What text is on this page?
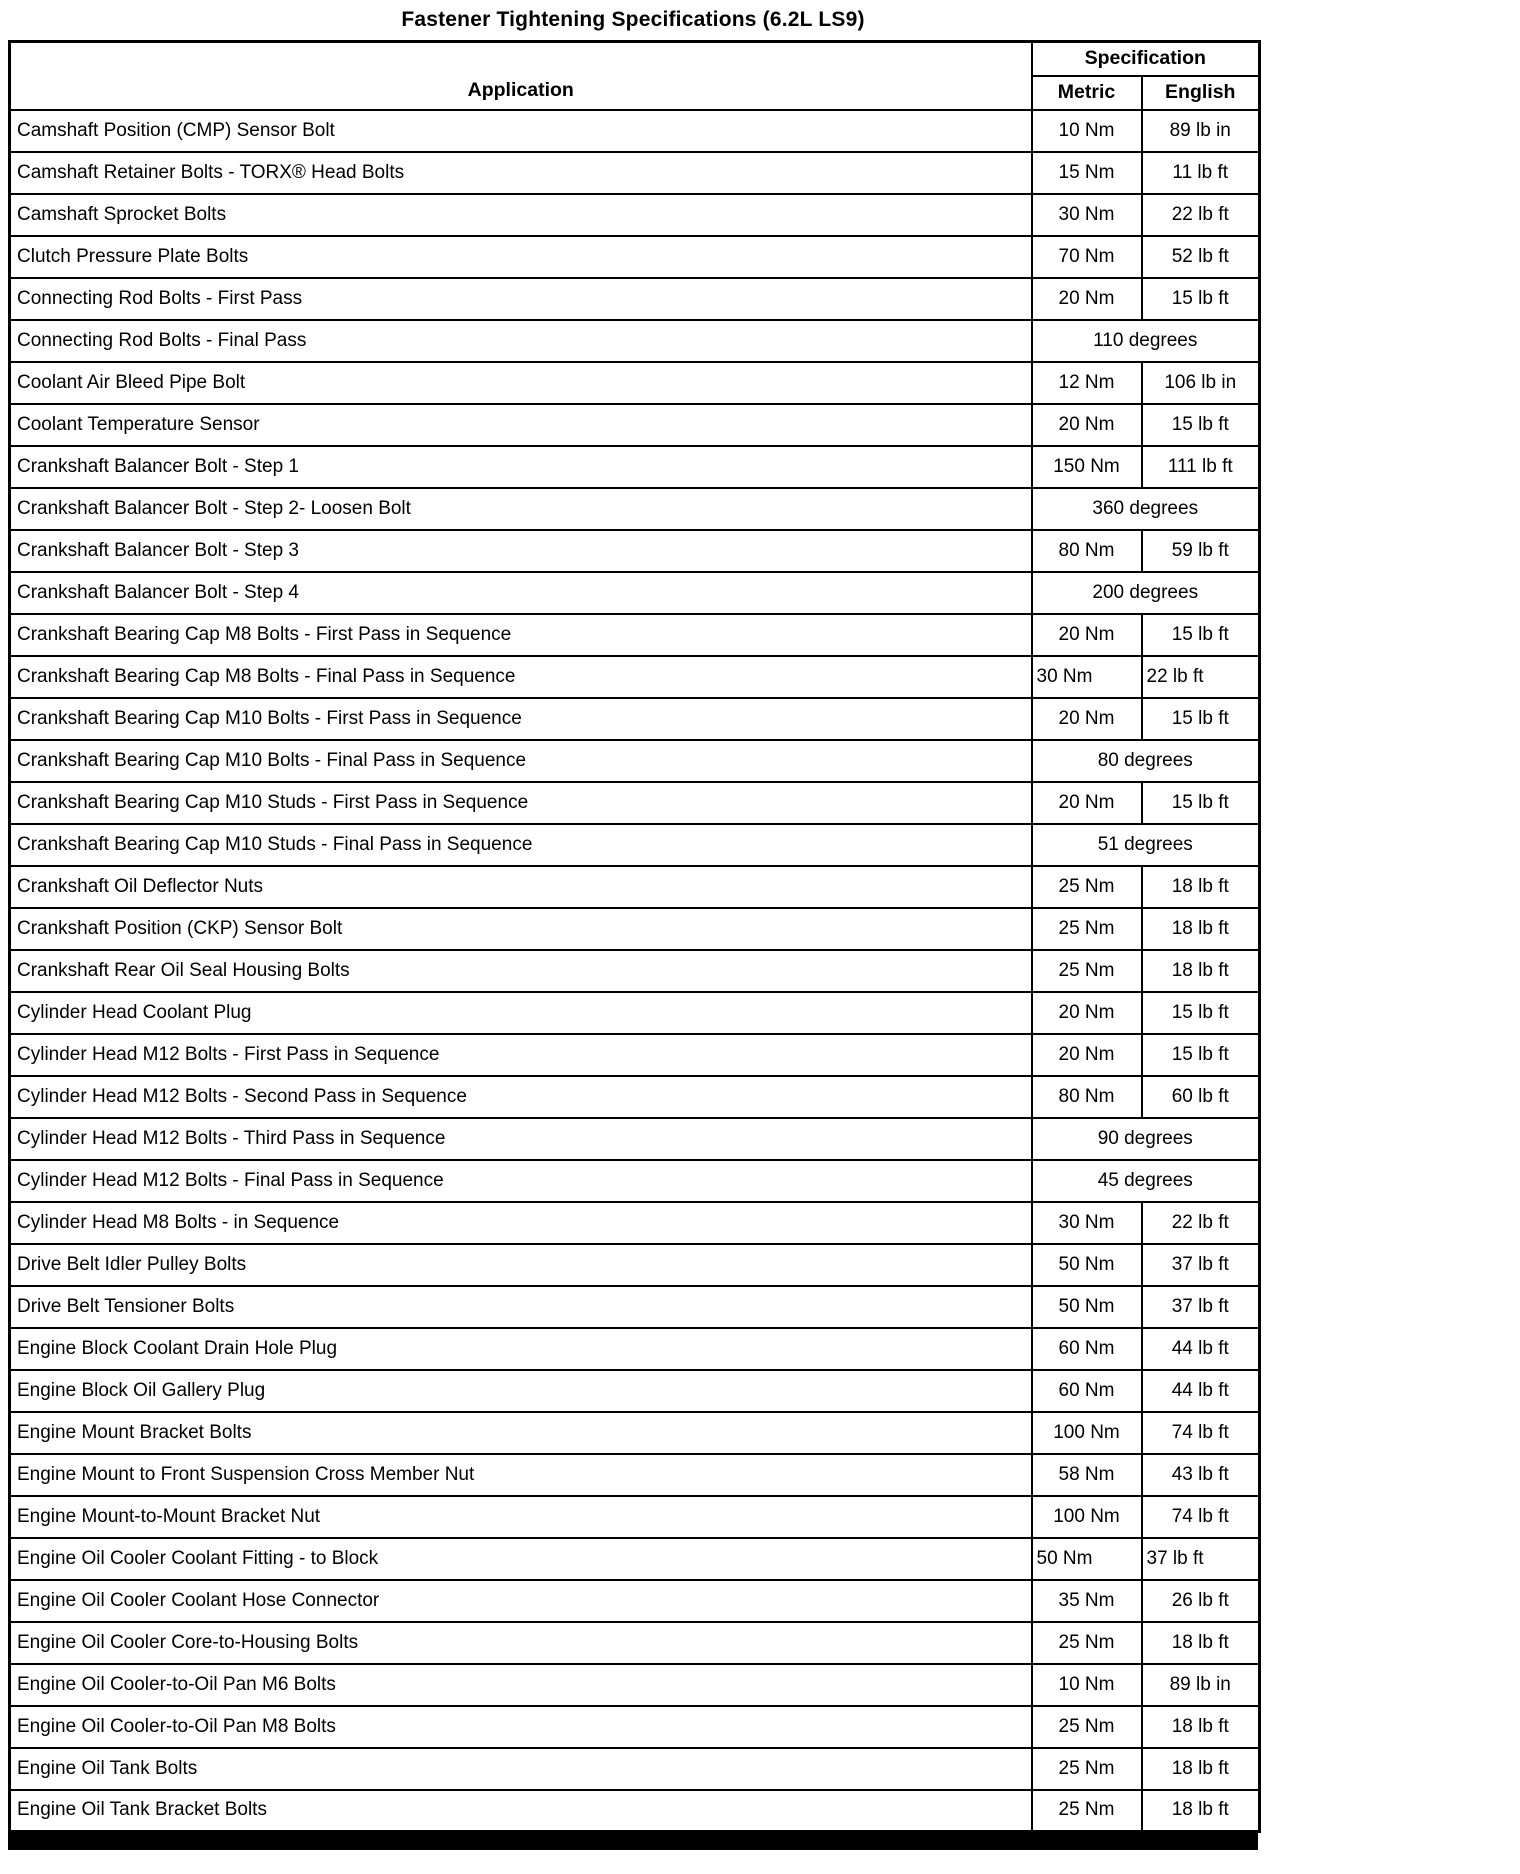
Fastener Tightening Specifications (6.2L LS9)
Application	Specification	
	Metric	English
Camshaft Position (CMP) Sensor Bolt	10 Nm	89 lb in
Camshaft Retainer Bolts - TORX® Head Bolts	15 Nm	11 lb ft
Camshaft Sprocket Bolts	30 Nm	22 lb ft
Clutch Pressure Plate Bolts	70 Nm	52 lb ft
Connecting Rod Bolts - First Pass	20 Nm	15 lb ft
Connecting Rod Bolts - Final Pass	110 degrees	
Coolant Air Bleed Pipe Bolt	12 Nm	106 lb in
Coolant Temperature Sensor	20 Nm	15 lb ft
Crankshaft Balancer Bolt - Step 1	150 Nm	111 lb ft
Crankshaft Balancer Bolt - Step 2- Loosen Bolt	360 degrees	
Crankshaft Balancer Bolt - Step 3	80 Nm	59 lb ft
Crankshaft Balancer Bolt - Step 4	200 degrees	
Crankshaft Bearing Cap M8 Bolts - First Pass in Sequence	20 Nm	15 lb ft
Crankshaft Bearing Cap M8 Bolts - Final Pass in Sequence	30 Nm	22 lb ft
Crankshaft Bearing Cap M10 Bolts - First Pass in Sequence	20 Nm	15 lb ft
Crankshaft Bearing Cap M10 Bolts - Final Pass in Sequence	80 degrees	
Crankshaft Bearing Cap M10 Studs - First Pass in Sequence	20 Nm	15 lb ft
Crankshaft Bearing Cap M10 Studs - Final Pass in Sequence	51 degrees	
Crankshaft Oil Deflector Nuts	25 Nm	18 lb ft
Crankshaft Position (CKP) Sensor Bolt	25 Nm	18 lb ft
Crankshaft Rear Oil Seal Housing Bolts	25 Nm	18 lb ft
Cylinder Head Coolant Plug	20 Nm	15 lb ft
Cylinder Head M12 Bolts - First Pass in Sequence	20 Nm	15 lb ft
Cylinder Head M12 Bolts - Second Pass in Sequence	80 Nm	60 lb ft
Cylinder Head M12 Bolts - Third Pass in Sequence	90 degrees	
Cylinder Head M12 Bolts - Final Pass in Sequence	45 degrees	
Cylinder Head M8 Bolts - in Sequence	30 Nm	22 lb ft
Drive Belt Idler Pulley Bolts	50 Nm	37 lb ft
Drive Belt Tensioner Bolts	50 Nm	37 lb ft
Engine Block Coolant Drain Hole Plug	60 Nm	44 lb ft
Engine Block Oil Gallery Plug	60 Nm	44 lb ft
Engine Mount Bracket Bolts	100 Nm	74 lb ft
Engine Mount to Front Suspension Cross Member Nut	58 Nm	43 lb ft
Engine Mount-to-Mount Bracket Nut	100 Nm	74 lb ft
Engine Oil Cooler Coolant Fitting - to Block	50 Nm	37 lb ft
Engine Oil Cooler Coolant Hose Connector	35 Nm	26 lb ft
Engine Oil Cooler Core-to-Housing Bolts	25 Nm	18 lb ft
Engine Oil Cooler-to-Oil Pan M6 Bolts	10 Nm	89 lb in
Engine Oil Cooler-to-Oil Pan M8 Bolts	25 Nm	18 lb ft
Engine Oil Tank Bolts	25 Nm	18 lb ft
Engine Oil Tank Bracket Bolts	25 Nm	18 lb ft
